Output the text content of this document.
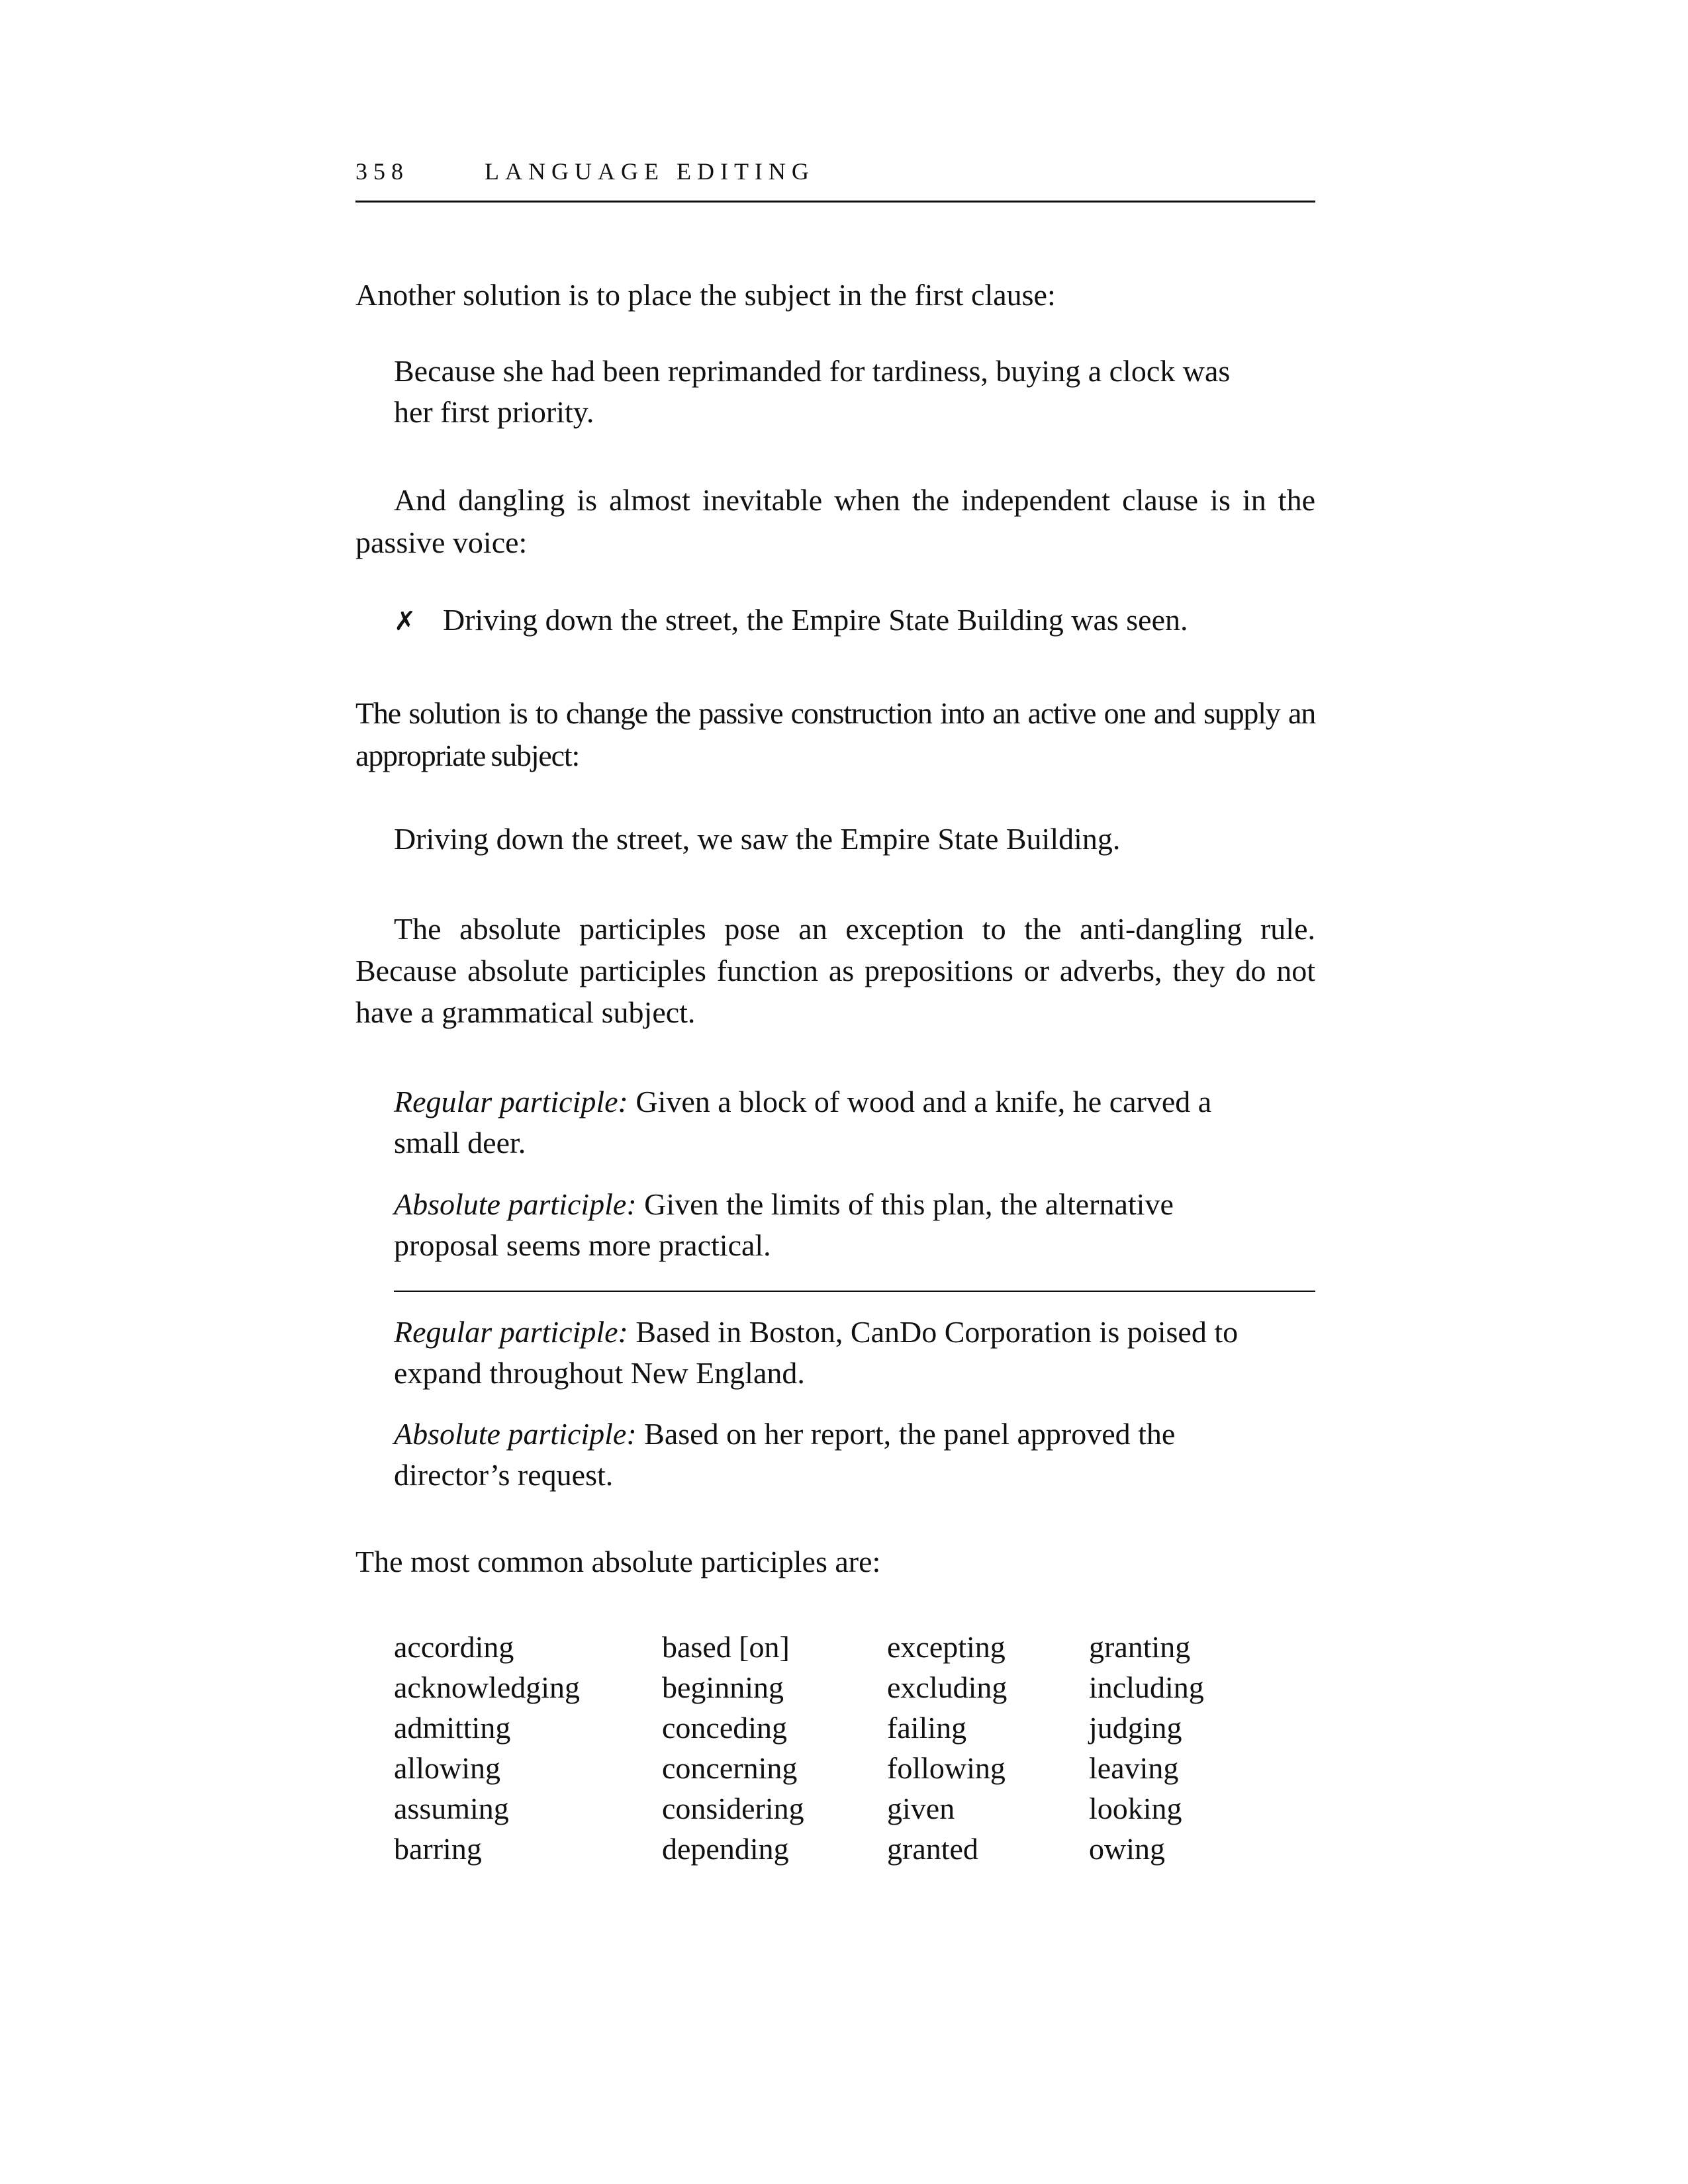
358	LANGUAGE EDITING
Another solution is to place the subject in the first clause:
Because she had been reprimanded for tardiness, buying a clock was her first priority.
And dangling is almost inevitable when the independent clause is in the passive voice:
✗ Driving down the street, the Empire State Building was seen.
The solution is to change the passive construction into an active one and supply an appropriate subject:
Driving down the street, we saw the Empire State Building.
The absolute participles pose an exception to the anti-dangling rule. Because absolute participles function as prepositions or adverbs, they do not have a grammatical subject.
Regular participle: Given a block of wood and a knife, he carved a small deer.
Absolute participle: Given the limits of this plan, the alternative proposal seems more practical.
Regular participle: Based in Boston, CanDo Corporation is poised to expand throughout New England.
Absolute participle: Based on her report, the panel approved the director’s request.
The most common absolute participles are:
according
acknowledging
admitting
allowing
assuming
barring
based [on]
beginning
conceding
concerning
considering
depending
excepting
excluding
failing
following
given
granted
granting
including
judging
leaving
looking
owing
